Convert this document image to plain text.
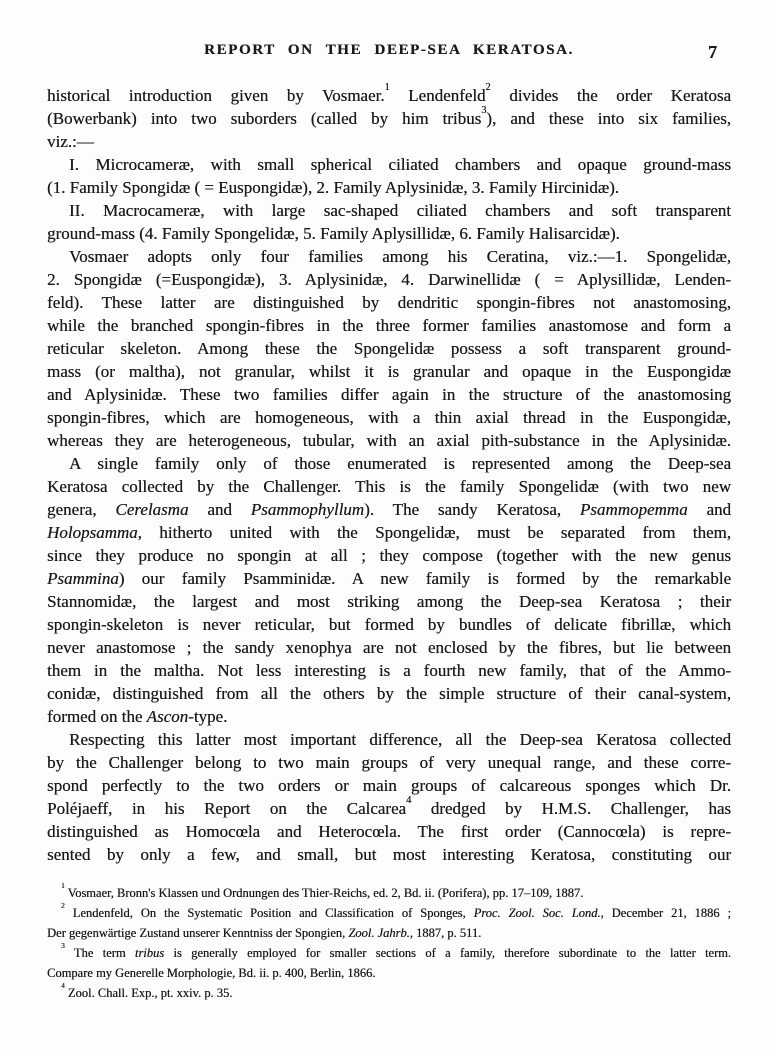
REPORT ON THE DEEP-SEA KERATOSA.	7
historical introduction given by Vosmaer.$^1$ Lendenfeld$^2$ divides the order Keratosa
(Bowerbank) into two suborders (called by him tribus$^3$), and these into six families,
viz.:—
I. Microcameræ, with small spherical ciliated chambers and opaque ground-mass
(1. Family Spongidæ ( = Euspongidæ), 2. Family Aplysinidæ, 3. Family Hircinidæ).
II. Macrocameræ, with large sac-shaped ciliated chambers and soft transparent
ground-mass (4. Family Spongelidæ, 5. Family Aplysillidæ, 6. Family Halisarcidæ).
Vosmaer adopts only four families among his Ceratina, viz.:—1. Spongelidæ,
2. Spongidæ (=Euspongidæ), 3. Aplysinidæ, 4. Darwinellidæ ( = Aplysillidæ, Lenden-
feld). These latter are distinguished by dendritic spongin-fibres not anastomosing,
while the branched spongin-fibres in the three former families anastomose and form a
reticular skeleton. Among these the Spongelidæ possess a soft transparent ground-
mass (or maltha), not granular, whilst it is granular and opaque in the Euspongidæ
and Aplysinidæ. These two families differ again in the structure of the anastomosing
spongin-fibres, which are homogeneous, with a thin axial thread in the Euspongidæ,
whereas they are heterogeneous, tubular, with an axial pith-substance in the Aplysinidæ.
A single family only of those enumerated is represented among the Deep-sea
Keratosa collected by the Challenger. This is the family Spongelidæ (with two new
genera, Cerelasma and Psammophyllum). The sandy Keratosa, Psammopemma and
Holopsamma, hitherto united with the Spongelidæ, must be separated from them,
since they produce no spongin at all ; they compose (together with the new genus
Psammina) our family Psamminidæ. A new family is formed by the remarkable
Stannomidæ, the largest and most striking among the Deep-sea Keratosa ; their
spongin-skeleton is never reticular, but formed by bundles of delicate fibrillæ, which
never anastomose ; the sandy xenophya are not enclosed by the fibres, but lie between
them in the maltha. Not less interesting is a fourth new family, that of the Ammo-
conidæ, distinguished from all the others by the simple structure of their canal-system,
formed on the Ascon-type.
Respecting this latter most important difference, all the Deep-sea Keratosa collected
by the Challenger belong to two main groups of very unequal range, and these corre-
spond perfectly to the two orders or main groups of calcareous sponges which Dr.
Poléjaeff, in his Report on the Calcarea$^4$ dredged by H.M.S. Challenger, has
distinguished as Homocœla and Heterocœla. The first order (Cannocœla) is repre-
sented by only a few, and small, but most interesting Keratosa, constituting our
$^1$ Vosmaer, Bronn's Klassen und Ordnungen des Thier-Reichs, ed. 2, Bd. ii. (Porifera), pp. 17–109, 1887.
$^2$ Lendenfeld, On the Systematic Position and Classification of Sponges, Proc. Zool. Soc. Lond., December 21, 1886 ;
Der gegenwärtige Zustand unserer Kenntniss der Spongien, Zool. Jahrb., 1887, p. 511.
$^3$ The term tribus is generally employed for smaller sections of a family, therefore subordinate to the latter term.
Compare my Generelle Morphologie, Bd. ii. p. 400, Berlin, 1866.
$^4$ Zool. Chall. Exp., pt. xxiv. p. 35.
